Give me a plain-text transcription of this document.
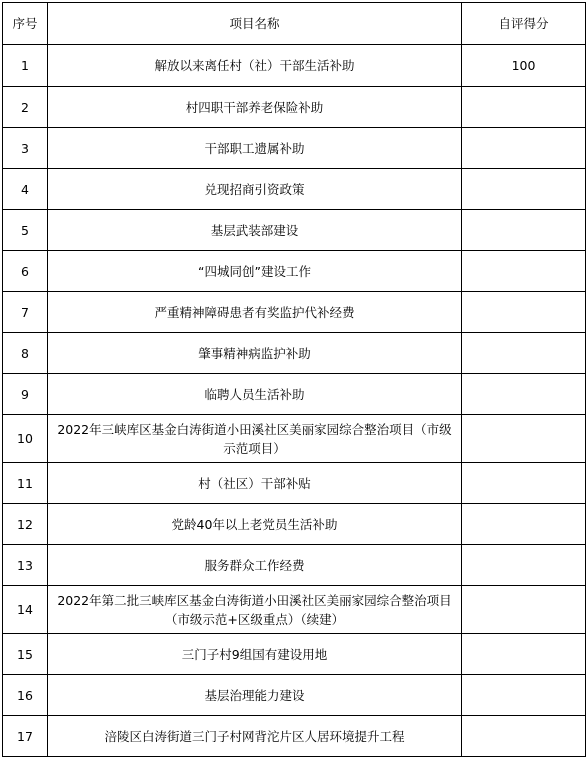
序号	项目名称	自评得分
1	解放以来离任村（社）干部生活补助	100
2	村四职干部养老保险补助	
3	干部职工遗属补助	
4	兑现招商引资政策	
5	基层武装部建设	
6	“四城同创”建设工作	
7	严重精神障碍患者有奖监护代补经费	
8	肇事精神病监护补助	
9	临聘人员生活补助	
10	2022年三峡库区基金白涛街道小田溪社区美丽家园综合整治项目（市级示范项目）	
11	村（社区）干部补贴	
12	党龄40年以上老党员生活补助	
13	服务群众工作经费	
14	2022年第二批三峡库区基金白涛街道小田溪社区美丽家园综合整治项目（市级示范+区级重点）（续建）	
15	三门子村9组国有建设用地	
16	基层治理能力建设	
17	涪陵区白涛街道三门子村网背沱片区人居环境提升工程	
